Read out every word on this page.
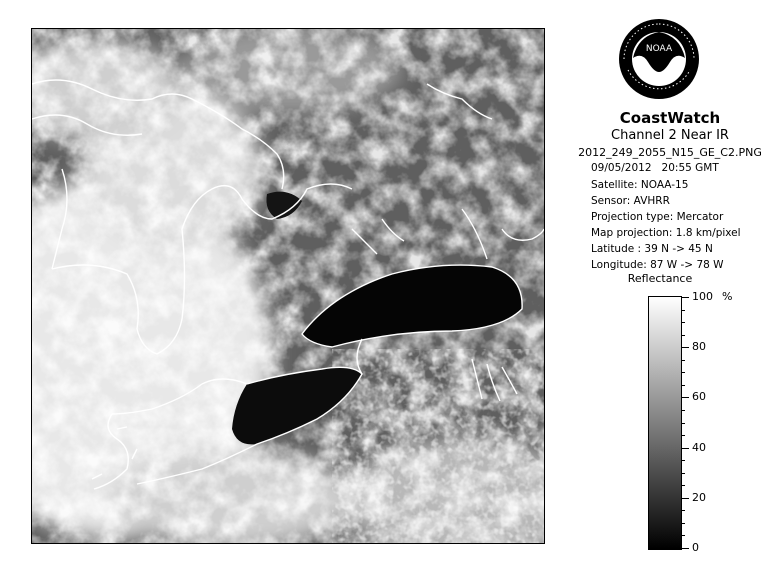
NOAA
CoastWatch
Channel 2 Near IR
2012_249_2055_N15_GE_C2.PNG
09/05/2012 20:55 GMT
Satellite: NOAA-15
Sensor: AVHRR
Projection type: Mercator
Map projection: 1.8 km/pixel
Latitude : 39 N -> 45 N
Longitude: 87 W -> 78 W
Reflectance
%
100
80
60
40
20
0
